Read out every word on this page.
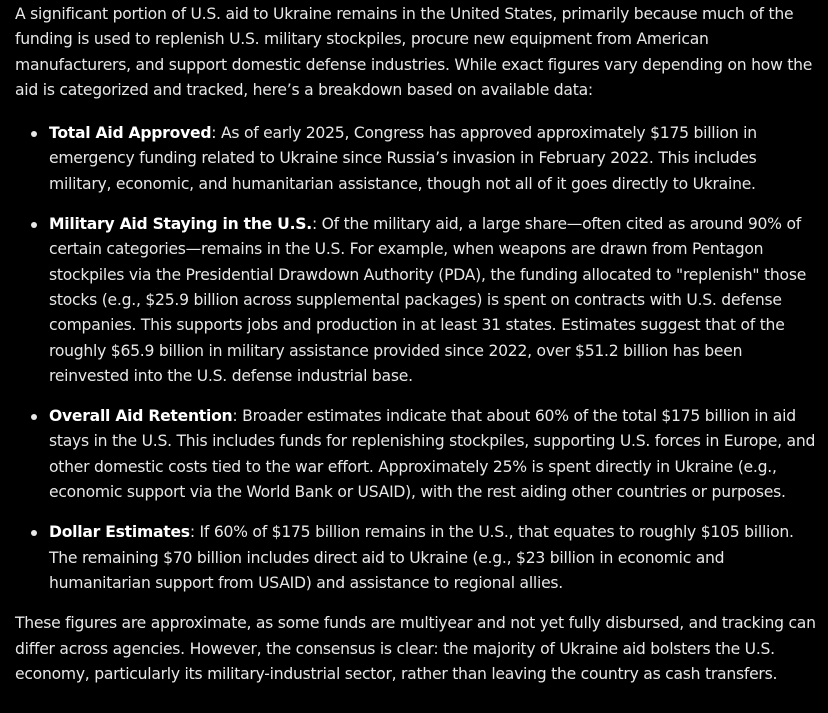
A significant portion of U.S. aid to Ukraine remains in the United States, primarily because much of the funding is used to replenish U.S. military stockpiles, procure new equipment from American manufacturers, and support domestic defense industries. While exact figures vary depending on how the aid is categorized and tracked, here’s a breakdown based on available data:

Total Aid Approved: As of early 2025, Congress has approved approximately $175 billion in emergency funding related to Ukraine since Russia’s invasion in February 2022. This includes military, economic, and humanitarian assistance, though not all of it goes directly to Ukraine.
Military Aid Staying in the U.S.: Of the military aid, a large share—often cited as around 90% of certain categories—remains in the U.S. For example, when weapons are drawn from Pentagon stockpiles via the Presidential Drawdown Authority (PDA), the funding allocated to "replenish" those stocks (e.g., $25.9 billion across supplemental packages) is spent on contracts with U.S. defense companies. This supports jobs and production in at least 31 states. Estimates suggest that of the roughly $65.9 billion in military assistance provided since 2022, over $51.2 billion has been reinvested into the U.S. defense industrial base.
Overall Aid Retention: Broader estimates indicate that about 60% of the total $175 billion in aid stays in the U.S. This includes funds for replenishing stockpiles, supporting U.S. forces in Europe, and other domestic costs tied to the war effort. Approximately 25% is spent directly in Ukraine (e.g., economic support via the World Bank or USAID), with the rest aiding other countries or purposes.
Dollar Estimates: If 60% of $175 billion remains in the U.S., that equates to roughly $105 billion. The remaining $70 billion includes direct aid to Ukraine (e.g., $23 billion in economic and humanitarian support from USAID) and assistance to regional allies.

These figures are approximate, as some funds are multiyear and not yet fully disbursed, and tracking can differ across agencies. However, the consensus is clear: the majority of Ukraine aid bolsters the U.S. economy, particularly its military-industrial sector, rather than leaving the country as cash transfers.
